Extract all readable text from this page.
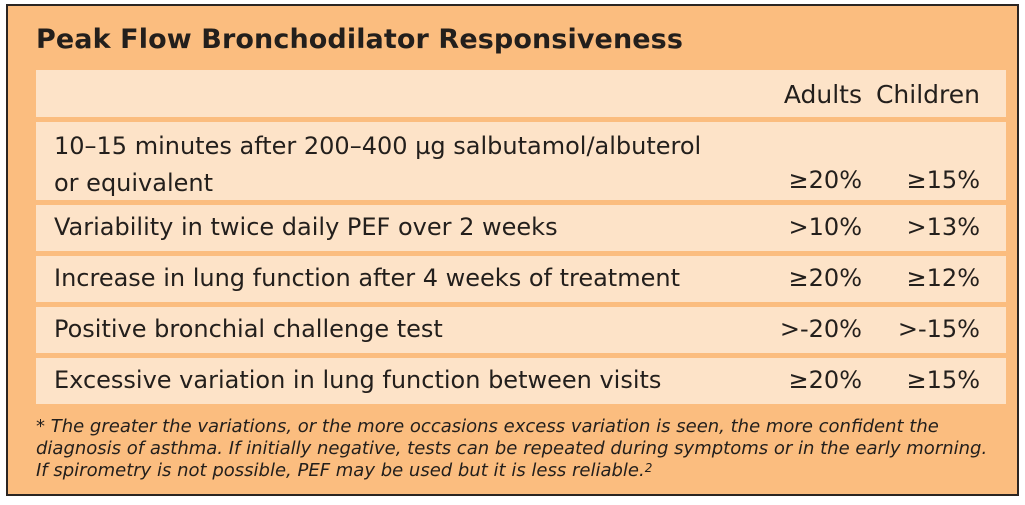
Peak Flow Bronchodilator Responsiveness
Adults Children
10–15 minutes after 200–400 µg salbutamol/albuterol
or equivalent	≥20% ≥15%
Variability in twice daily PEF over 2 weeks	>10% >13%
Increase in lung function after 4 weeks of treatment	≥20% ≥12%
Positive bronchial challenge test	>-20% >-15%
Excessive variation in lung function between visits	≥20% ≥15%
* The greater the variations, or the more occasions excess variation is seen, the more confident the
diagnosis of asthma. If initially negative, tests can be repeated during symptoms or in the early morning.
If spirometry is not possible, PEF may be used but it is less reliable.$^2$
